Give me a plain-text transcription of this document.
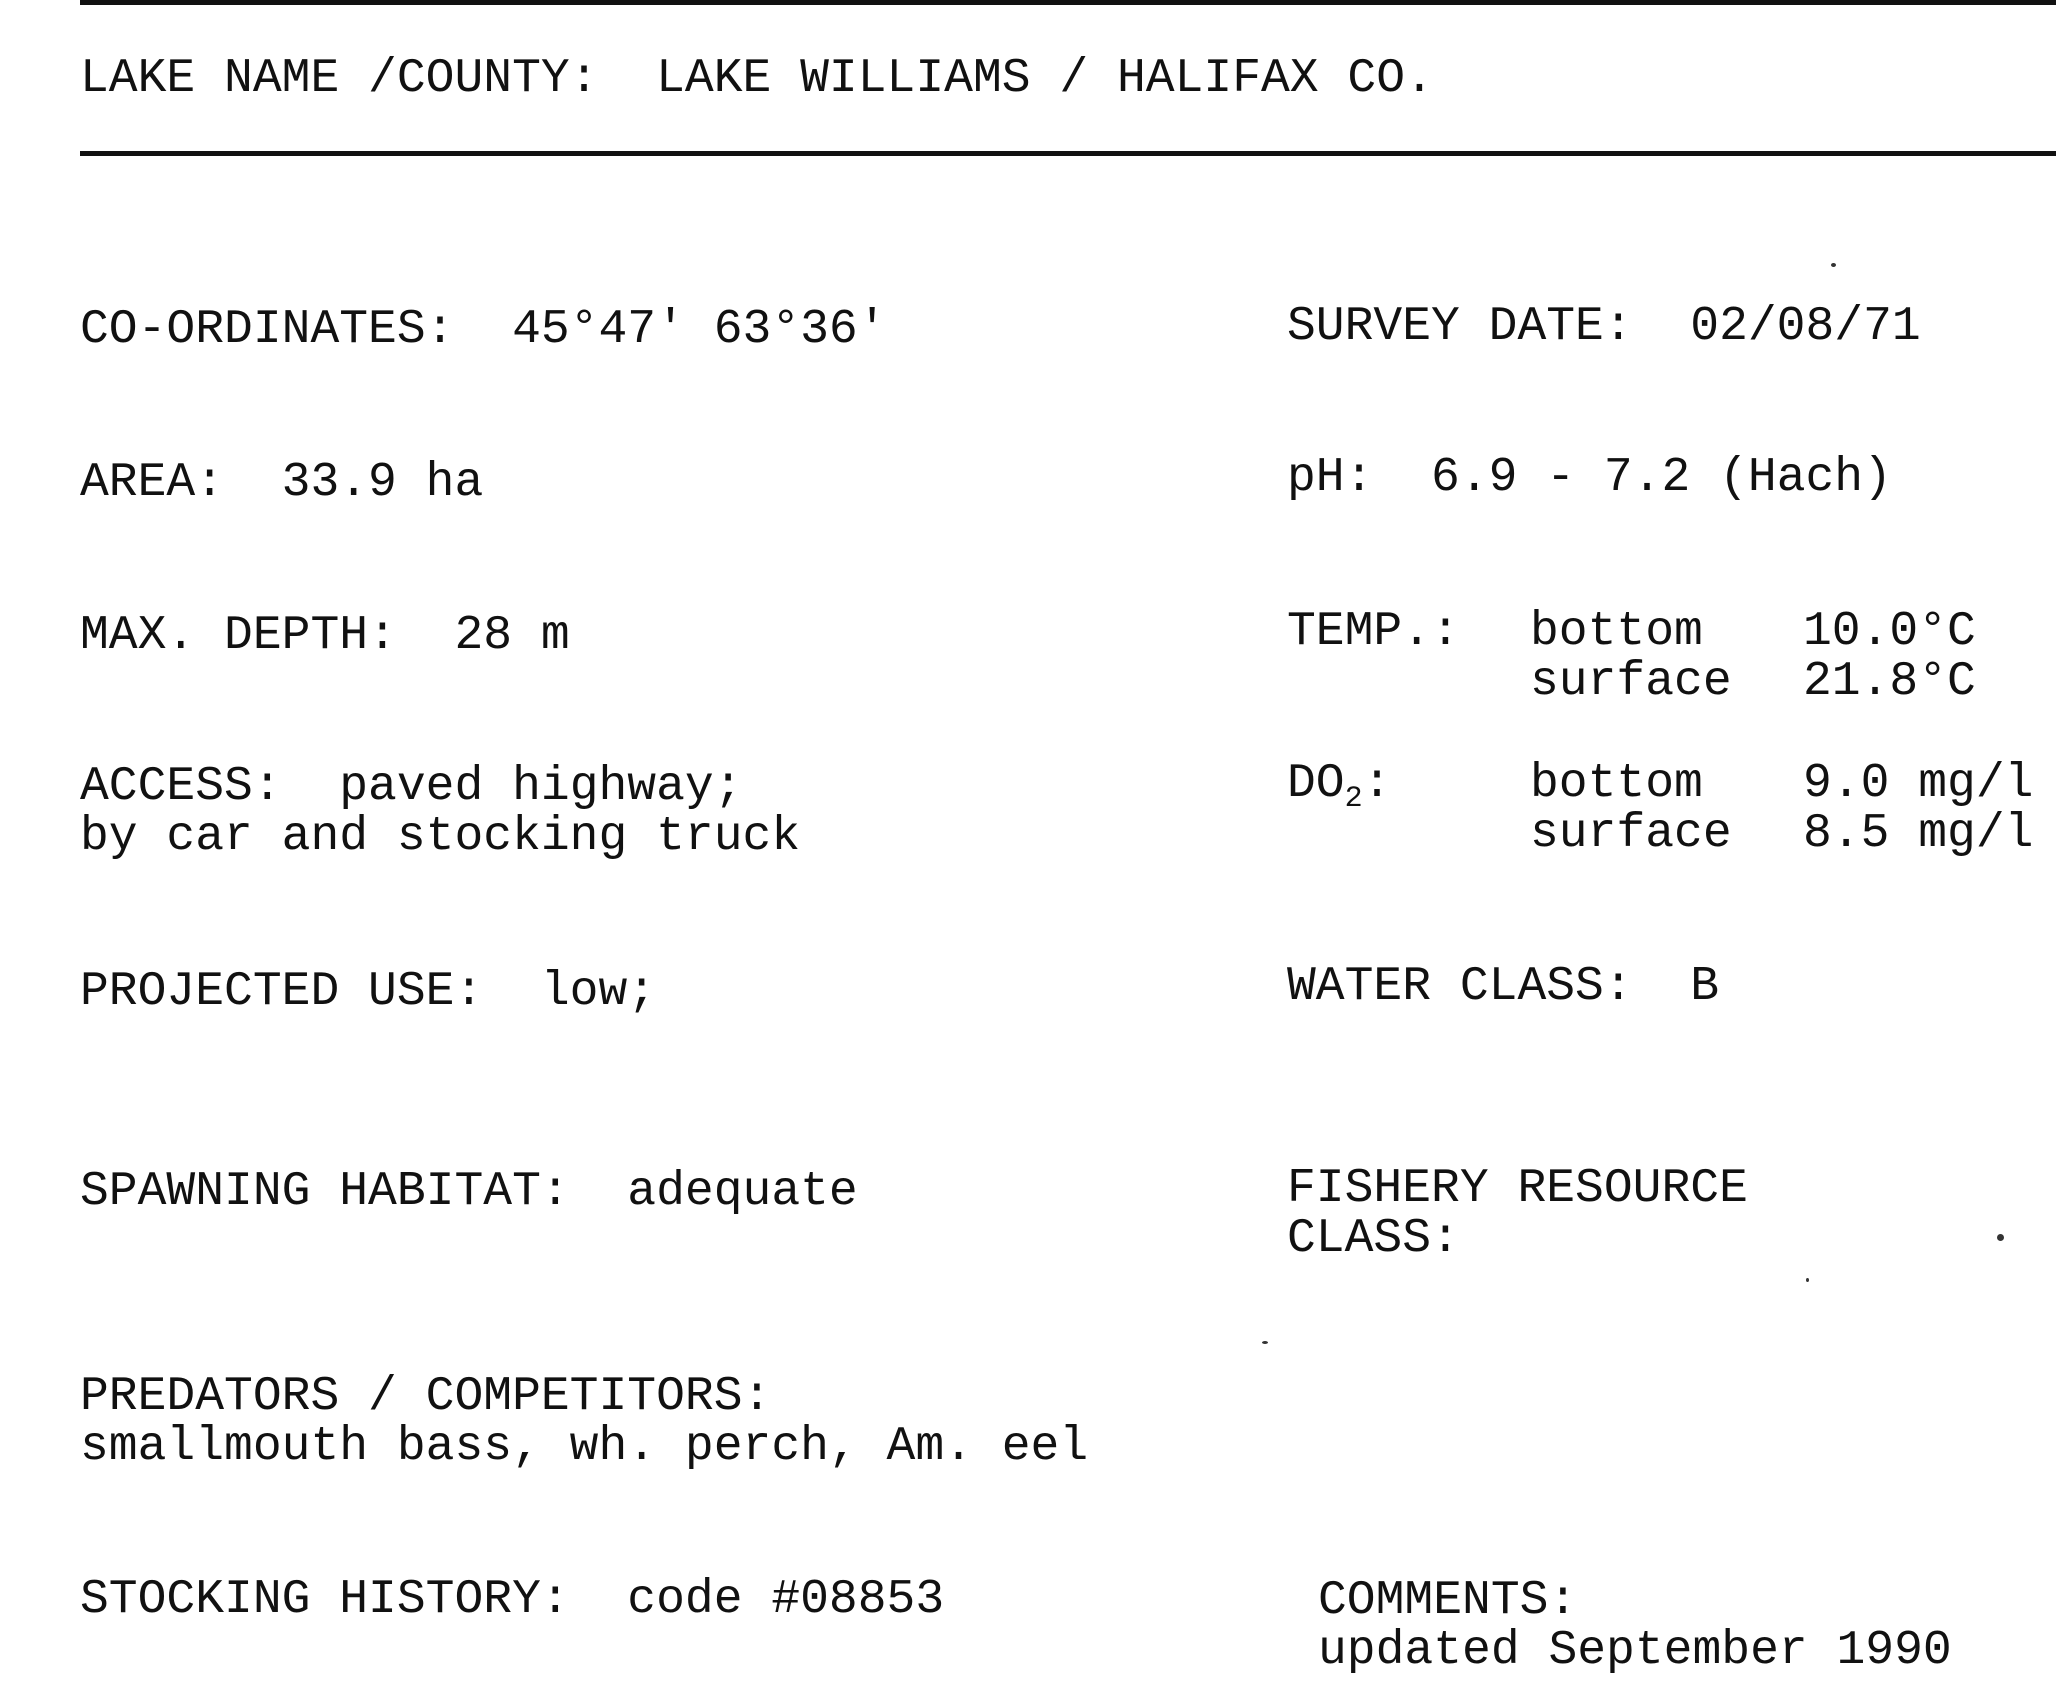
LAKE NAME /COUNTY: LAKE WILLIAMS / HALIFAX CO.
CO-ORDINATES: 45°47' 63°36'
AREA: 33.9 ha
MAX. DEPTH: 28 m
ACCESS: paved highway;
by car and stocking truck
PROJECTED USE: low;
SPAWNING HABITAT: adequate
PREDATORS / COMPETITORS:
smallmouth bass, wh. perch, Am. eel
STOCKING HISTORY: code #08853
SURVEY DATE: 02/08/71
pH: 6.9 - 7.2 (Hach)
TEMP.: bottom 10.0°C
surface 21.8°C
$DO_2$:	bottom 9.0 mg/l
surface 8.5 mg/l
WATER CLASS: B
FISHERY RESOURCE
CLASS:
COMMENTS:
updated September 1990
